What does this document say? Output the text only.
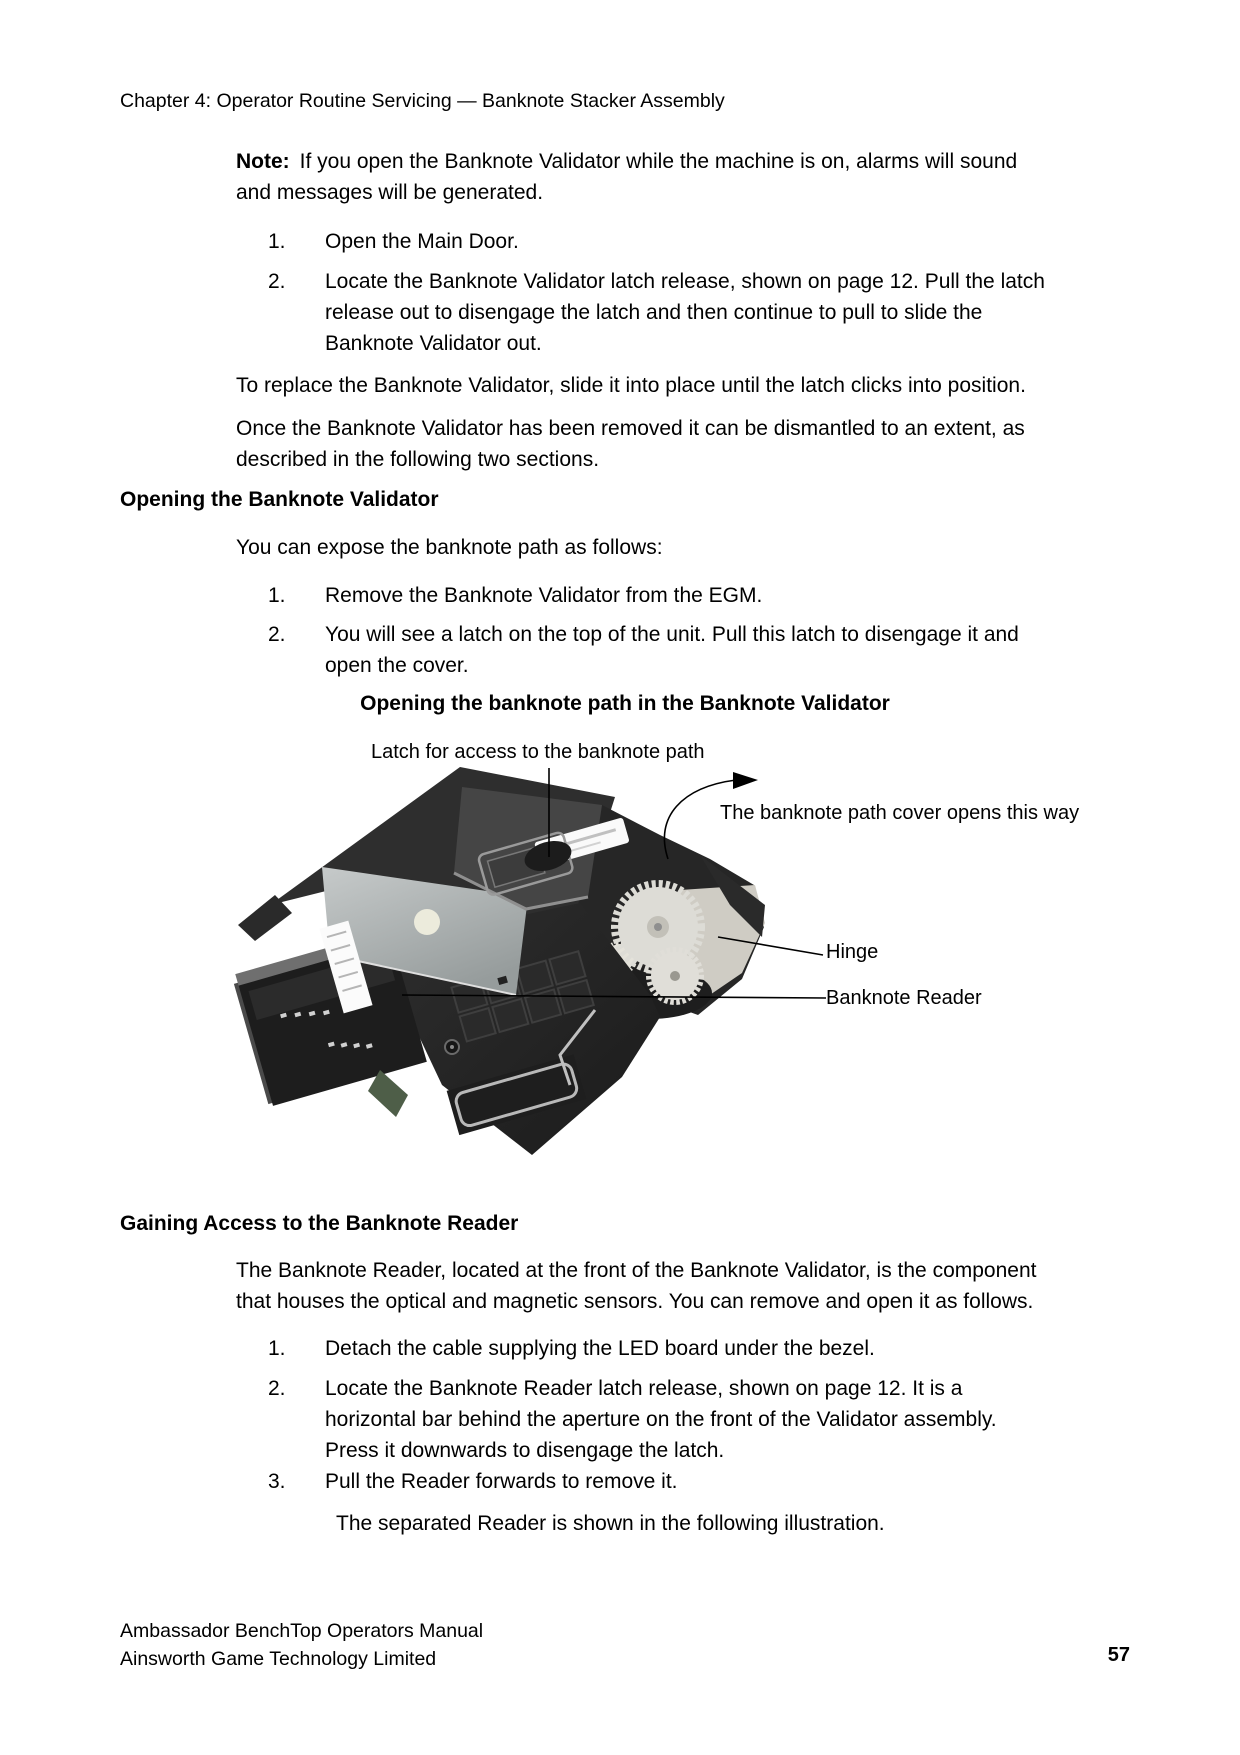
Chapter 4: Operator Routine Servicing — Banknote Stacker Assembly
Note: If you open the Banknote Validator while the machine is on, alarms will sound
and messages will be generated.
1.	Open the Main Door.
2.	Locate the Banknote Validator latch release, shown on page 12. Pull the latch
release out to disengage the latch and then continue to pull to slide the
Banknote Validator out.
To replace the Banknote Validator, slide it into place until the latch clicks into position.
Once the Banknote Validator has been removed it can be dismantled to an extent, as
described in the following two sections.
Opening the Banknote Validator
You can expose the banknote path as follows:
1.	Remove the Banknote Validator from the EGM.
2.	You will see a latch on the top of the unit. Pull this latch to disengage it and
open the cover.
Opening the banknote path in the Banknote Validator
Latch for access to the banknote path
The banknote path cover opens this way
Hinge
Banknote Reader
Gaining Access to the Banknote Reader
The Banknote Reader, located at the front of the Banknote Validator, is the component
that houses the optical and magnetic sensors. You can remove and open it as follows.
1.	Detach the cable supplying the LED board under the bezel.
2.	Locate the Banknote Reader latch release, shown on page 12. It is a
horizontal bar behind the aperture on the front of the Validator assembly.
Press it downwards to disengage the latch.
3.	Pull the Reader forwards to remove it.
The separated Reader is shown in the following illustration.
Ambassador BenchTop Operators Manual
Ainsworth Game Technology Limited	57
